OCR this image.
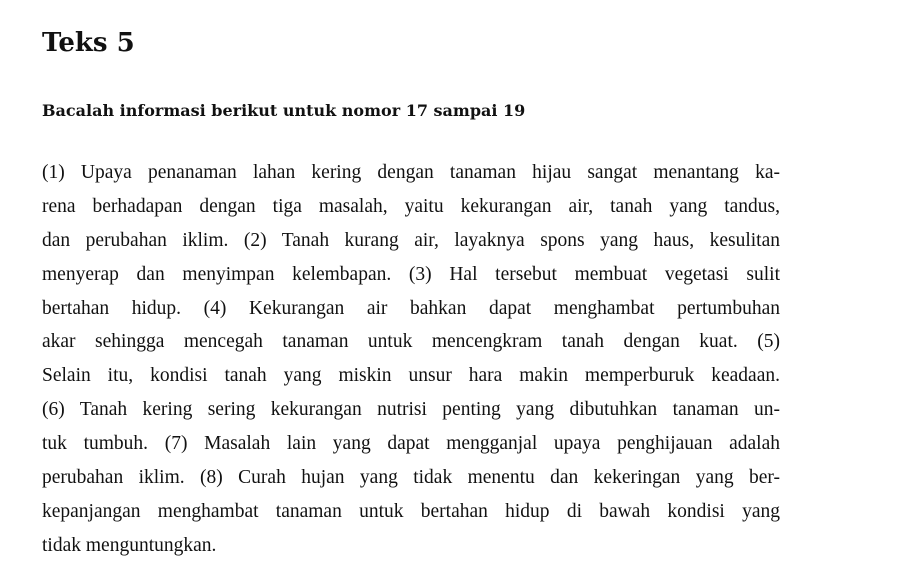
Teks 5

Bacalah informasi berikut untuk nomor 17 sampai 19

(1) Upaya penanaman lahan kering dengan tanaman hijau sangat menantang ka-
rena berhadapan dengan tiga masalah, yaitu kekurangan air, tanah yang tandus,
dan perubahan iklim. (2) Tanah kurang air, layaknya spons yang haus, kesulitan
menyerap dan menyimpan kelembapan. (3) Hal tersebut membuat vegetasi sulit
bertahan hidup. (4) Kekurangan air bahkan dapat menghambat pertumbuhan
akar sehingga mencegah tanaman untuk mencengkram tanah dengan kuat. (5)
Selain itu, kondisi tanah yang miskin unsur hara makin memperburuk keadaan.
(6) Tanah kering sering kekurangan nutrisi penting yang dibutuhkan tanaman un-
tuk tumbuh. (7) Masalah lain yang dapat mengganjal upaya penghijauan adalah
perubahan iklim. (8) Curah hujan yang tidak menentu dan kekeringan yang ber-
kepanjangan menghambat tanaman untuk bertahan hidup di bawah kondisi yang
tidak menguntungkan.
